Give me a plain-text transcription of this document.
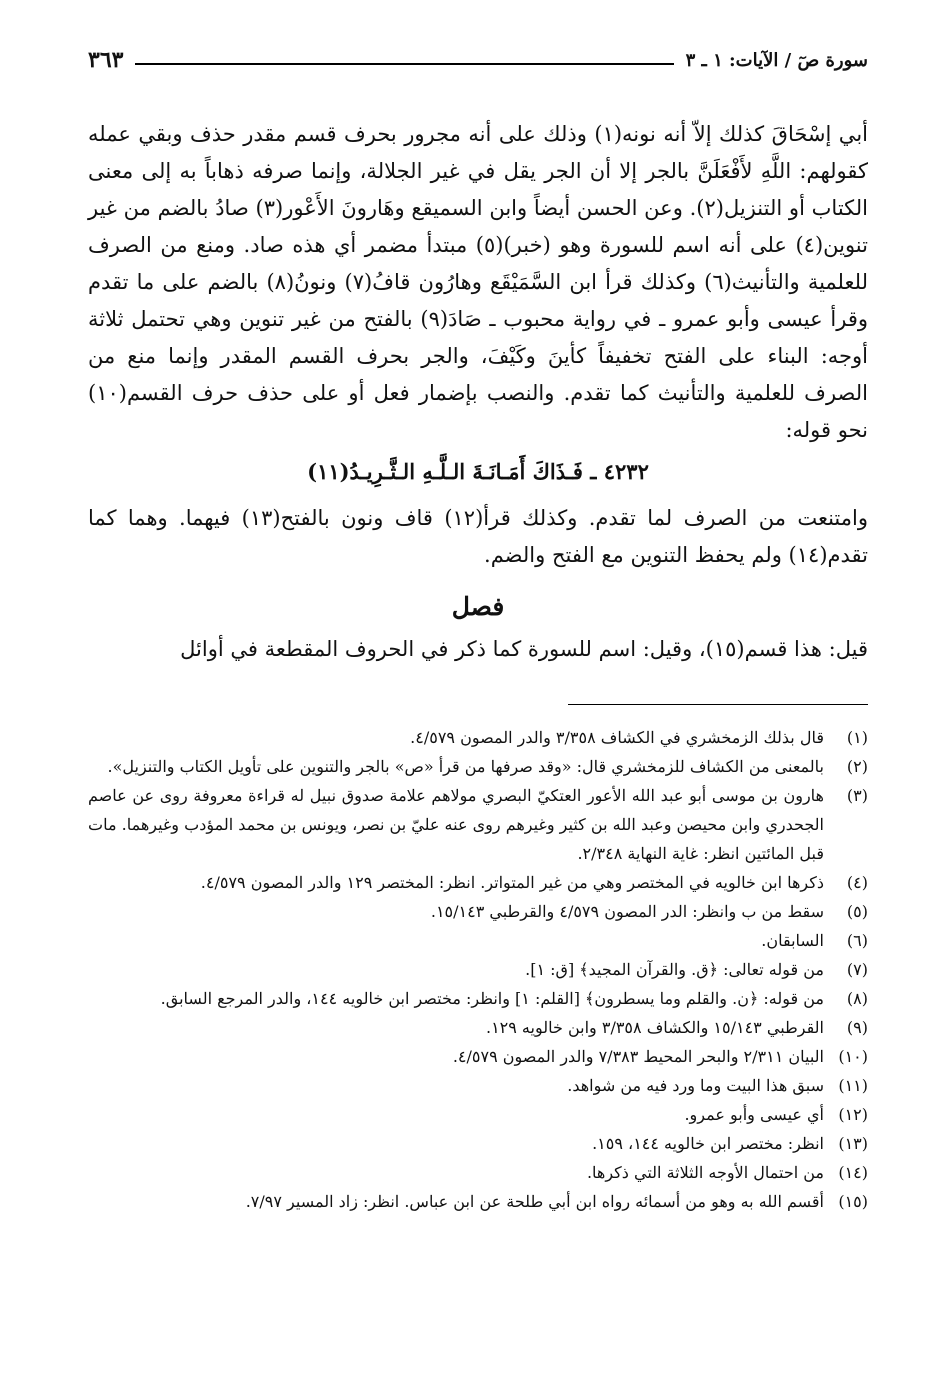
سورة صٓ / الآيات: ١ ـ ٣
٣٦٣

أبي إسْحَاقَ كذلك إلاّ أنه نونه(١) وذلك على أنه مجرور بحرف قسم مقدر حذف وبقي عمله كقولهم: اللَّهِ لأَفْعَلَنَّ بالجر إلا أن الجر يقل في غير الجلالة، وإنما صرفه ذهاباً به إلى معنى الكتاب أو التنزيل(٢). وعن الحسن أيضاً وابن السميقع وهَارونَ الأَعْور(٣) صادُ بالضم من غير تنوين(٤) على أنه اسم للسورة وهو (خبر)(٥) مبتدأ مضمر أي هذه صاد. ومنع من الصرف للعلمية والتأنيث(٦) وكذلك قرأ ابن السَّمَيْقَع وهارُون قافُ(٧) ونونُ(٨) بالضم على ما تقدم وقرأ عيسى وأبو عمرو ـ في رواية محبوب ـ صَادَ(٩) بالفتح من غير تنوين وهي تحتمل ثلاثة أوجه: البناء على الفتح تخفيفاً كأينَ وكَيْفَ، والجر بحرف القسم المقدر وإنما منع من الصرف للعلمية والتأنيث كما تقدم. والنصب بإضمار فعل أو على حذف حرف القسم(١٠) نحو قوله:

٤٢٣٢ ـ فَـذَاكَ أَمَـانَـةَ الـلَّـهِ الـثَّـرِيـدُ(١١)

وامتنعت من الصرف لما تقدم. وكذلك قرأ(١٢) قاف ونون بالفتح(١٣) فيهما. وهما كما تقدم(١٤) ولم يحفظ التنوين مع الفتح والضم.

فصل

قيل: هذا قسم(١٥)، وقيل: اسم للسورة كما ذكر في الحروف المقطعة في أوائل

(١)
قال بذلك الزمخشري في الكشاف ٣/٣٥٨ والدر المصون ٤/٥٧٩.
(٢)
بالمعنى من الكشاف للزمخشري قال: «وقد صرفها من قرأ «ص» بالجر والتنوين على تأويل الكتاب والتنزيل».
(٣)
هارون بن موسى أبو عبد الله الأعور العتكيّ البصري مولاهم علامة صدوق نبيل له قراءة معروفة روى عن عاصم الجحدري وابن محيصن وعبد الله بن كثير وغيرهم روى عنه عليّ بن نصر، ويونس بن محمد المؤدب وغيرهما. مات قبل المائتين انظر: غاية النهاية ٢/٣٤٨.
(٤)
ذكرها ابن خالويه في المختصر وهي من غير المتواتر. انظر: المختصر ١٢٩ والدر المصون ٤/٥٧٩.
(٥)
سقط من ب وانظر: الدر المصون ٤/٥٧٩ والقرطبي ١٥/١٤٣.
(٦)
السابقان.
(٧)
من قوله تعالى: ﴿ق. والقرآن المجيد﴾ [ق: ١].
(٨)
من قوله: ﴿ن. والقلم وما يسطرون﴾ [القلم: ١] وانظر: مختصر ابن خالويه ١٤٤، والدر المرجع السابق.
(٩)
القرطبي ١٥/١٤٣ والكشاف ٣/٣٥٨ وابن خالويه ١٢٩.
(١٠)
البيان ٢/٣١١ والبحر المحيط ٧/٣٨٣ والدر المصون ٤/٥٧٩.
(١١)
سبق هذا البيت وما ورد فيه من شواهد.
(١٢)
أي عيسى وأبو عمرو.
(١٣)
انظر: مختصر ابن خالويه ١٤٤، ١٥٩.
(١٤)
من احتمال الأوجه الثلاثة التي ذكرها.
(١٥)
أقسم الله به وهو من أسمائه رواه ابن أبي طلحة عن ابن عباس. انظر: زاد المسير ٧/٩٧.
